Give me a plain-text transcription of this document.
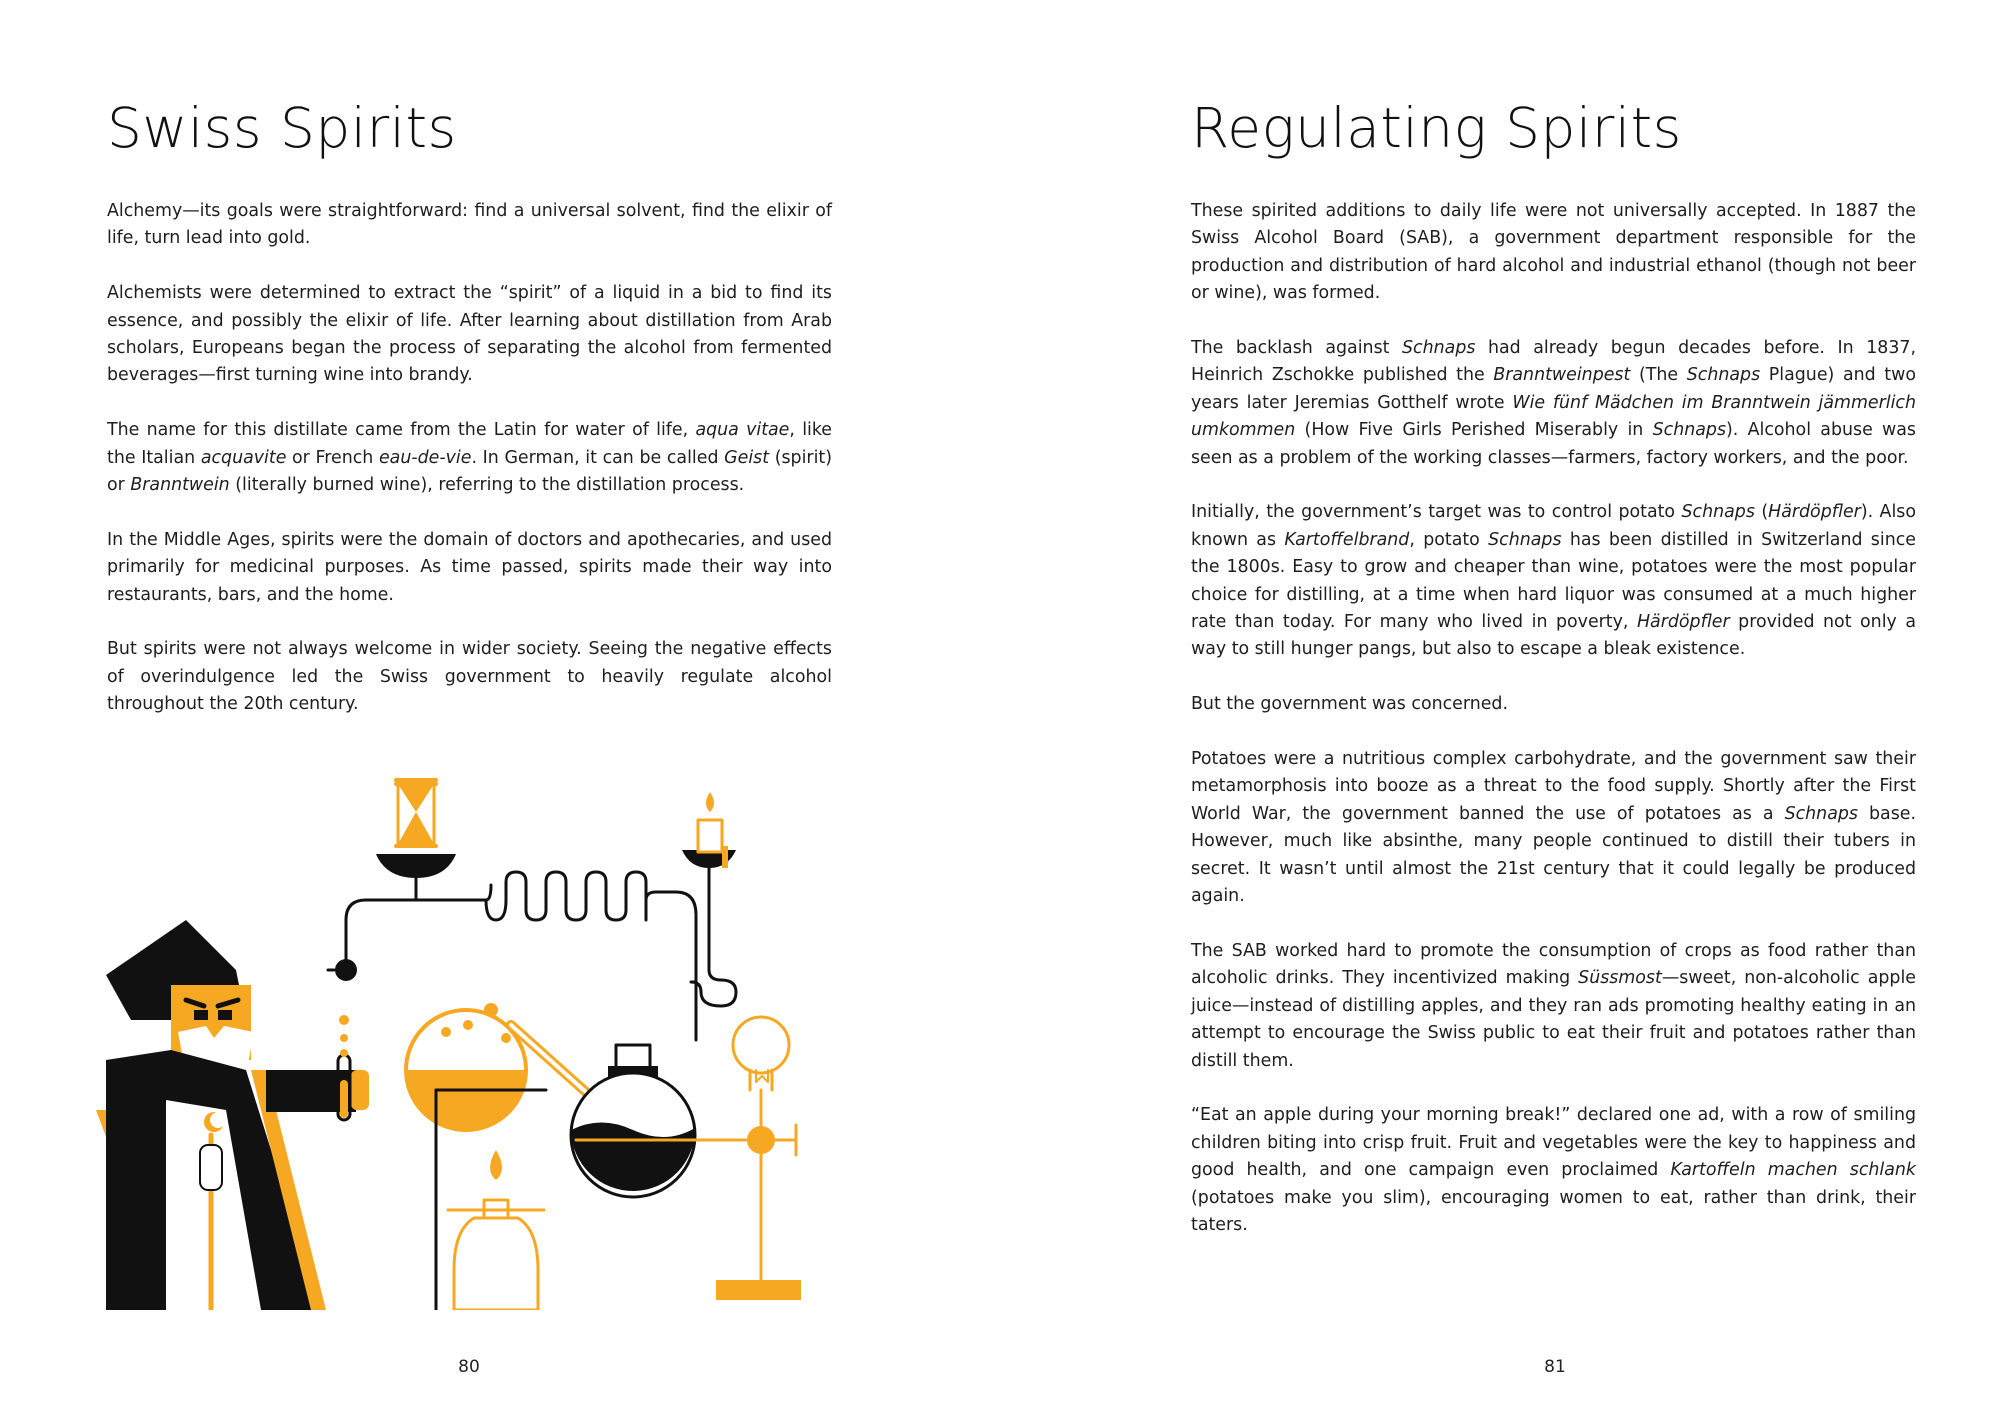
Swiss Spirits

Alchemy—its goals were straightforward: find a universal solvent, find the elixir of life, turn lead into gold.

Alchemists were determined to extract the “spirit” of a liquid in a bid to find its essence, and possibly the elixir of life. After learning about distillation from Arab scholars, Europeans began the process of separating the alcohol from fermented beverages—first turning wine into brandy.

The name for this distillate came from the Latin for water of life, aqua vitae, like the Italian acquavite or French eau-de-vie. In German, it can be called Geist (spirit) or Branntwein (literally burned wine), referring to the distillation process.

In the Middle Ages, spirits were the domain of doctors and apothecaries, and used primarily for medicinal purposes. As time passed, spirits made their way into restaurants, bars, and the home.

But spirits were not always welcome in wider society. Seeing the negative effects of overindulgence led the Swiss government to heavily regulate alcohol throughout the 20th century.

80
Regulating Spirits

These spirited additions to daily life were not universally accepted. In 1887 the Swiss Alcohol Board (SAB), a government department responsible for the production and distribution of hard alcohol and industrial ethanol (though not beer or wine), was formed.

The backlash against Schnaps had already begun decades before. In 1837, Heinrich Zschokke published the Branntweinpest (The Schnaps Plague) and two years later Jeremias Gotthelf wrote Wie fünf Mädchen im Branntwein jämmerlich umkommen (How Five Girls Perished Miserably in Schnaps). Alcohol abuse was seen as a problem of the working classes—farmers, factory workers, and the poor.

Initially, the government’s target was to control potato Schnaps (Härdöpfler). Also known as Kartoffelbrand, potato Schnaps has been distilled in Switzerland since the 1800s. Easy to grow and cheaper than wine, potatoes were the most popular choice for distilling, at a time when hard liquor was consumed at a much higher rate than today. For many who lived in poverty, Härdöpfler provided not only a way to still hunger pangs, but also to escape a bleak existence.

But the government was concerned.

Potatoes were a nutritious complex carbohydrate, and the government saw their metamorphosis into booze as a threat to the food supply. Shortly after the First World War, the government banned the use of potatoes as a Schnaps base. However, much like absinthe, many people continued to distill their tubers in secret. It wasn’t until almost the 21st century that it could legally be produced again.

The SAB worked hard to promote the consumption of crops as food rather than alcoholic drinks. They incentivized making Süssmost—sweet, non-alcoholic apple juice—instead of distilling apples, and they ran ads promoting healthy eating in an attempt to encourage the Swiss public to eat their fruit and potatoes rather than distill them.

“Eat an apple during your morning break!” declared one ad, with a row of smiling children biting into crisp fruit. Fruit and vegetables were the key to happiness and good health, and one campaign even proclaimed Kartoffeln machen schlank (potatoes make you slim), encouraging women to eat, rather than drink, their taters.

81
